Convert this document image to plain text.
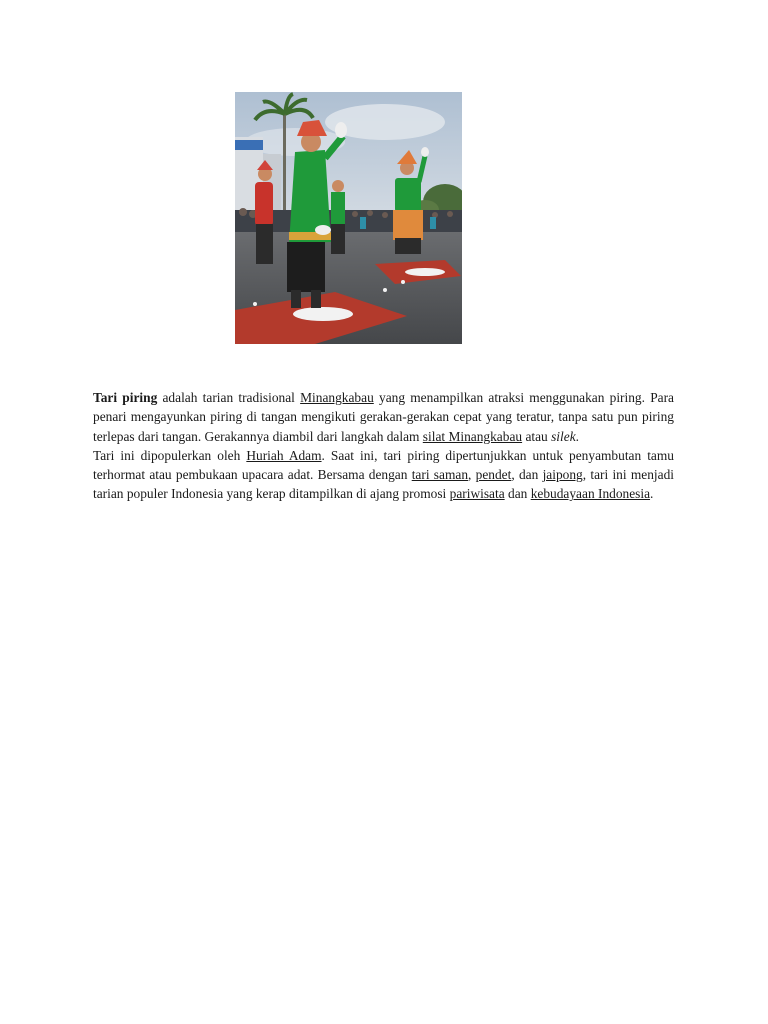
Tari piring adalah tarian tradisional Minangkabau yang menampilkan atraksi menggunakan piring. Para penari mengayunkan piring di tangan mengikuti gerakan-gerakan cepat yang teratur, tanpa satu pun piring terlepas dari tangan. Gerakannya diambil dari langkah dalam silat Minangkabau atau silek.

Tari ini dipopulerkan oleh Huriah Adam. Saat ini, tari piring dipertunjukkan untuk penyambutan tamu terhormat atau pembukaan upacara adat. Bersama dengan tari saman, pendet, dan jaipong, tari ini menjadi tarian populer Indonesia yang kerap ditampilkan di ajang promosi pariwisata dan kebudayaan Indonesia.
